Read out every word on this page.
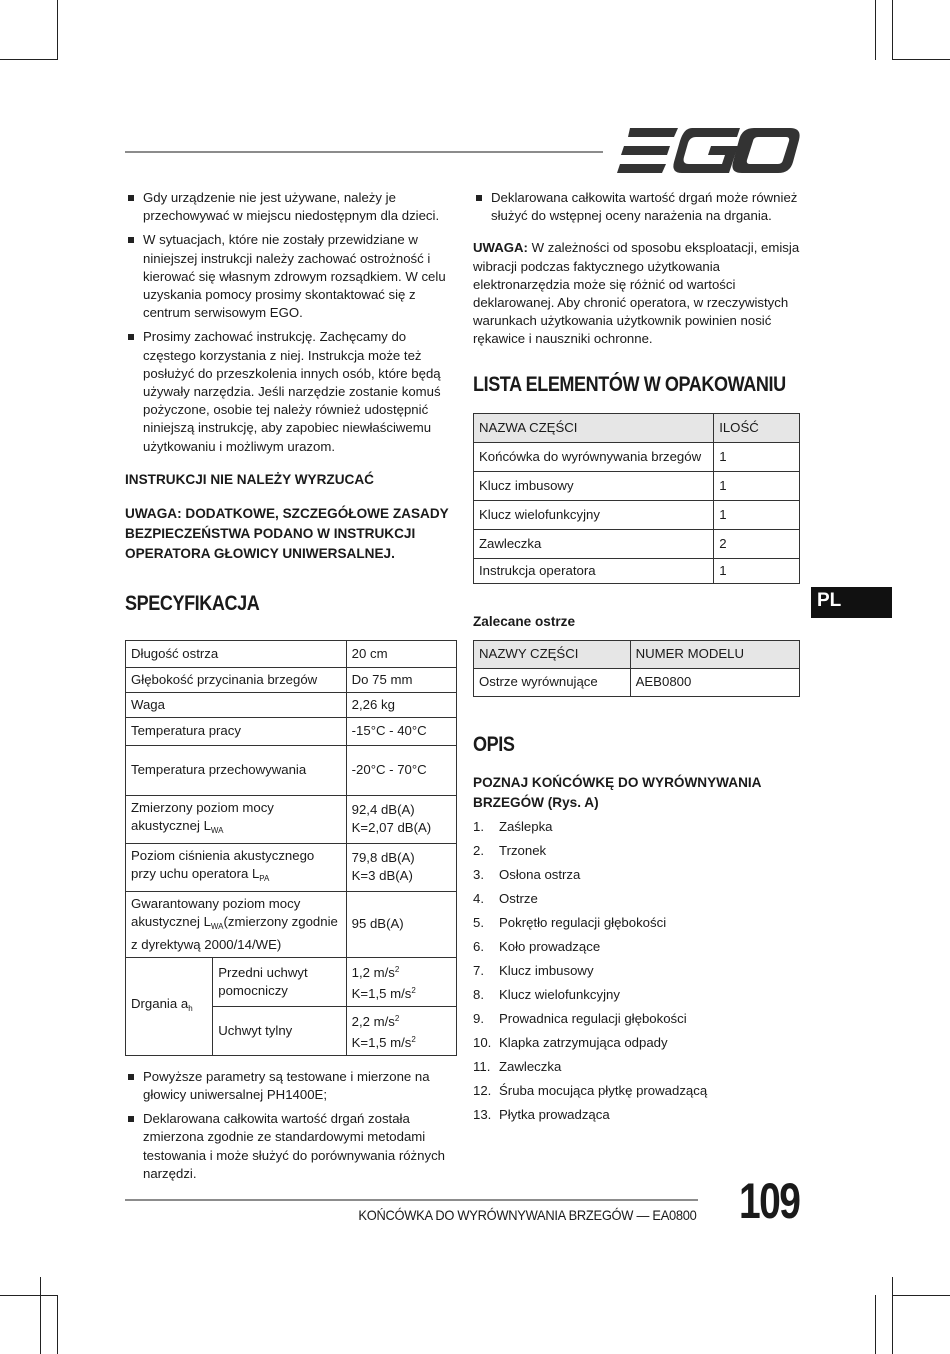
Gdy urządzenie nie jest używane, należy je przechowywać w miejscu niedostępnym dla dzieci.
W sytuacjach, które nie zostały przewidziane w niniejszej instrukcji należy zachować ostrożność i kierować się własnym zdrowym rozsądkiem. W celu uzyskania pomocy prosimy skontaktować się z centrum serwisowym EGO.
Prosimy zachować instrukcję. Zachęcamy do częstego korzystania z niej. Instrukcja może też posłużyć do przeszkolenia innych osób, które będą używały narzędzia. Jeśli narzędzie zostanie komuś pożyczone, osobie tej należy również udostępnić niniejszą instrukcję, aby zapobiec niewłaściwemu użytkowaniu i możliwym urazom.
INSTRUKCJI NIE NALEŻY WYRZUCAĆ
UWAGA: DODATKOWE, SZCZEGÓŁOWE ZASADY BEZPIECZEŃSTWA PODANO W INSTRUKCJI OPERATORA GŁOWICY UNIWERSALNEJ.
SPECYFIKACJA
Długość ostrza		20 cm
Głębokość przycinania brzegów		Do 75 mm
Waga		2,26 kg
Temperatura pracy		-15°C - 40°C
Temperatura przechowywania		-20°C - 70°C
Zmierzony poziom mocy akustycznej $L_{WA}$		92,4 dB(A)
K=2,07 dB(A)

Poziom ciśnienia akustycznego przy uchu operatora $L_{PA}$		79,8 dB(A)
K=3 dB(A)

Gwarantowany poziom mocy akustycznej $L_{WA}(zmierzony$ zgodnie z dyrektywą 2000/14/WE)		95 dB(A)
Drgania $a_h$	Przedni uchwyt pomocniczy	1,2 $m/s^2$
K=1,5 $m/s^2$

	Uchwyt tylny	2,2 $m/s^2$
K=1,5 $m/s^2$
Powyższe parametry są testowane i mierzone na głowicy uniwersalnej PH1400E;
Deklarowana całkowita wartość drgań została zmierzona zgodnie ze standardowymi metodami testowania i może służyć do porównywania różnych narzędzi.
Deklarowana całkowita wartość drgań może również służyć do wstępnej oceny narażenia na drgania.

UWAGA: W zależności od sposobu eksploatacji, emisja wibracji podczas faktycznego użytkowania elektronarzędzia może się różnić od wartości deklarowanej. Aby chronić operatora, w rzeczywistych warunkach użytkowania użytkownik powinien nosić rękawice i nauszniki ochronne.

LISTA ELEMENTÓW W OPAKOWANIU
NAZWA CZĘŚCI	ILOŚĆ
Końcówka do wyrównywania brzegów	1
Klucz imbusowy	1
Klucz wielofunkcyjny	1
Zawleczka	2
Instrukcja operatora	1
Zalecane ostrze
NAZWY CZĘŚCI	NUMER MODELU
Ostrze wyrównujące	AEB0800
OPIS
POZNAJ KOŃCÓWKĘ DO WYRÓWNYWANIA BRZEGÓW (Rys. A)
1.	Zaślepka
2.	Trzonek
3.	Osłona ostrza
4.	Ostrze
5.	Pokrętło regulacji głębokości
6.	Koło prowadzące
7.	Klucz imbusowy
8.	Klucz wielofunkcyjny
9.	Prowadnica regulacji głębokości
10. Klapka zatrzymująca odpady
11. Zawleczka
12. Śruba mocująca płytkę prowadzącą
13. Płytka prowadząca
PL
KOŃCÓWKA DO WYRÓWNYWANIA BRZEGÓW — EA0800 109
